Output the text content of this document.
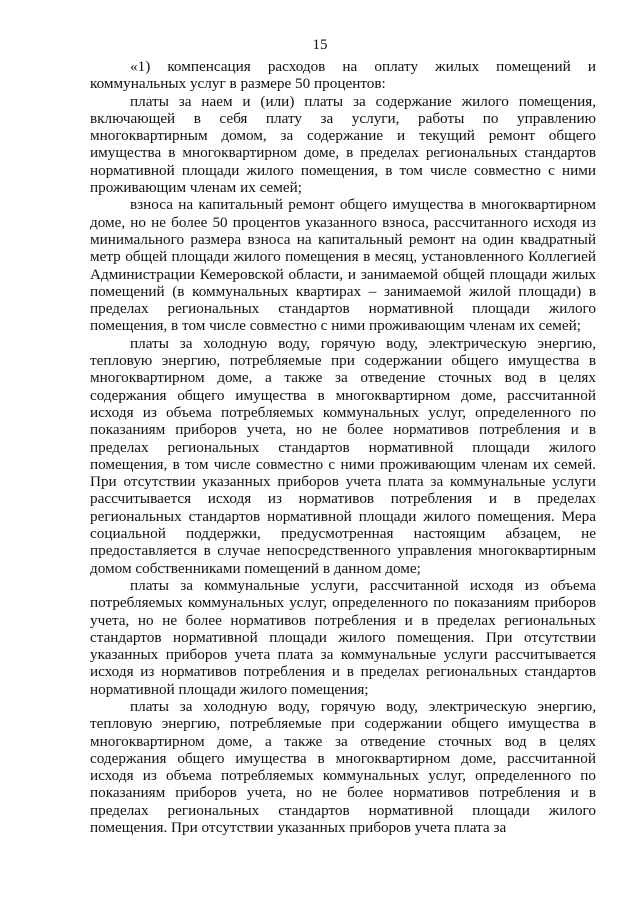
15

«1) компенсация расходов на оплату жилых помещений и коммунальных услуг в размере 50 процентов:

платы за наем и (или) платы за содержание жилого помещения, включающей в себя плату за услуги, работы по управлению многоквартирным домом, за содержание и текущий ремонт общего имущества в многоквартирном доме, в пределах региональных стандартов нормативной площади жилого помещения, в том числе совместно с ними проживающим членам их семей;

взноса на капитальный ремонт общего имущества в многоквартирном доме, но не более 50 процентов указанного взноса, рассчитанного исходя из минимального размера взноса на капитальный ремонт на один квадратный метр общей площади жилого помещения в месяц, установленного Коллегией Администрации Кемеровской области, и занимаемой общей площади жилых помещений (в коммунальных квартирах – занимаемой жилой площади) в пределах региональных стандартов нормативной площади жилого помещения, в том числе совместно с ними проживающим членам их семей;

платы за холодную воду, горячую воду, электрическую энергию, тепловую энергию, потребляемые при содержании общего имущества в многоквартирном доме, а также за отведение сточных вод в целях содержания общего имущества в многоквартирном доме, рассчитанной исходя из объема потребляемых коммунальных услуг, определенного по показаниям приборов учета, но не более нормативов потребления и в пределах региональных стандартов нормативной площади жилого помещения, в том числе совместно с ними проживающим членам их семей. При отсутствии указанных приборов учета плата за коммунальные услуги рассчитывается исходя из нормативов потребления и в пределах региональных стандартов нормативной площади жилого помещения. Мера социальной поддержки, предусмотренная настоящим абзацем, не предоставляется в случае непосредственного управления многоквартирным домом собственниками помещений в данном доме;

платы за коммунальные услуги, рассчитанной исходя из объема потребляемых коммунальных услуг, определенного по показаниям приборов учета, но не более нормативов потребления и в пределах региональных стандартов нормативной площади жилого помещения. При отсутствии указанных приборов учета плата за коммунальные услуги рассчитывается исходя из нормативов потребления и в пределах региональных стандартов нормативной площади жилого помещения;

платы за холодную воду, горячую воду, электрическую энергию, тепловую энергию, потребляемые при содержании общего имущества в многоквартирном доме, а также за отведение сточных вод в целях содержания общего имущества в многоквартирном доме, рассчитанной исходя из объема потребляемых коммунальных услуг, определенного по показаниям приборов учета, но не более нормативов потребления и в пределах региональных стандартов нормативной площади жилого помещения. При отсутствии указанных приборов учета плата за
